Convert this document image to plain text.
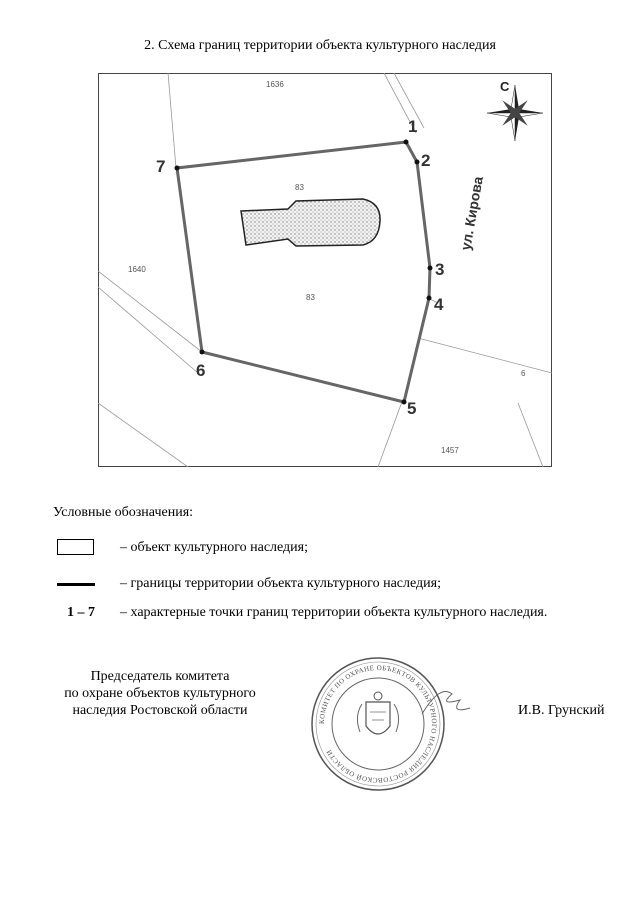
2. Схема границ территории объекта культурного наследия
1
2
3
4
5
6
7
1636
83
83
1640
6
1457
ул. Кирова
С
Условные обозначения:
– объект культурного наследия;
– границы территории объекта культурного наследия;
1 – 7 – характерные точки границ территории объекта культурного наследия.
Председатель комитета
по охране объектов культурного
наследия Ростовской области
КОМИТЕТ ПО ОХРАНЕ ОБЪЕКТОВ КУЛЬТУРНОГО НАСЛЕДИЯ РОСТОВСКОЙ ОБЛАСТИ
И.В. Грунский
